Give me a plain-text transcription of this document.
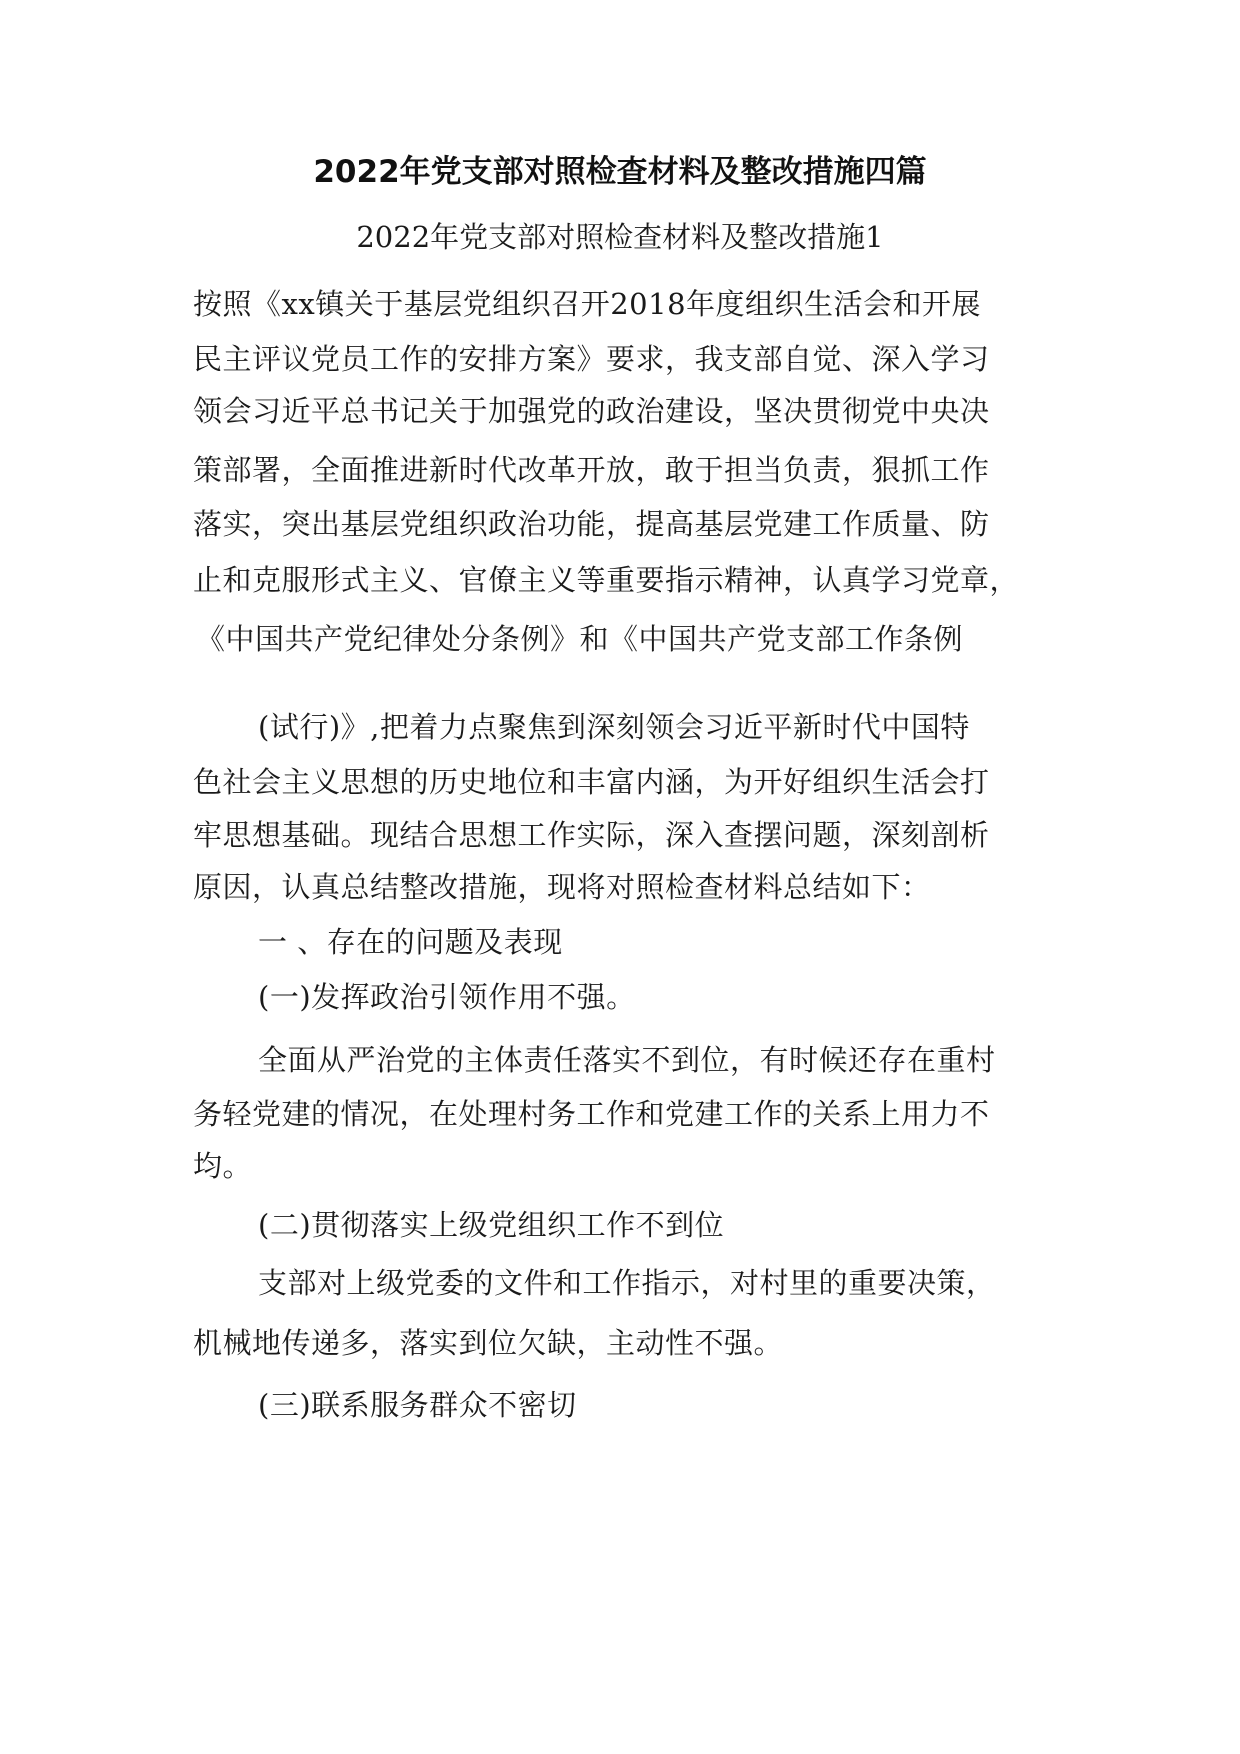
2022年党支部对照检查材料及整改措施四篇
2022年党支部对照检查材料及整改措施1
按照《xx镇关于基层党组织召开2018年度组织生活会和开展
民主评议党员工作的安排方案》要求，我支部自觉、深入学习
领会习近平总书记关于加强党的政治建设，坚决贯彻党中央决
策部署，全面推进新时代改革开放，敢于担当负责，狠抓工作
落实，突出基层党组织政治功能，提高基层党建工作质量、防
止和克服形式主义、官僚主义等重要指示精神，认真学习党章，
《中国共产党纪律处分条例》和《中国共产党支部工作条例
(试行)》,把着力点聚焦到深刻领会习近平新时代中国特
色社会主义思想的历史地位和丰富内涵，为开好组织生活会打
牢思想基础。现结合思想工作实际，深入查摆问题，深刻剖析
原因，认真总结整改措施，现将对照检查材料总结如下：
一 、存在的问题及表现
(一)发挥政治引领作用不强。
全面从严治党的主体责任落实不到位，有时候还存在重村
务轻党建的情况，在处理村务工作和党建工作的关系上用力不
均。
(二)贯彻落实上级党组织工作不到位
支部对上级党委的文件和工作指示，对村里的重要决策，
机械地传递多，落实到位欠缺，主动性不强。
(三)联系服务群众不密切
